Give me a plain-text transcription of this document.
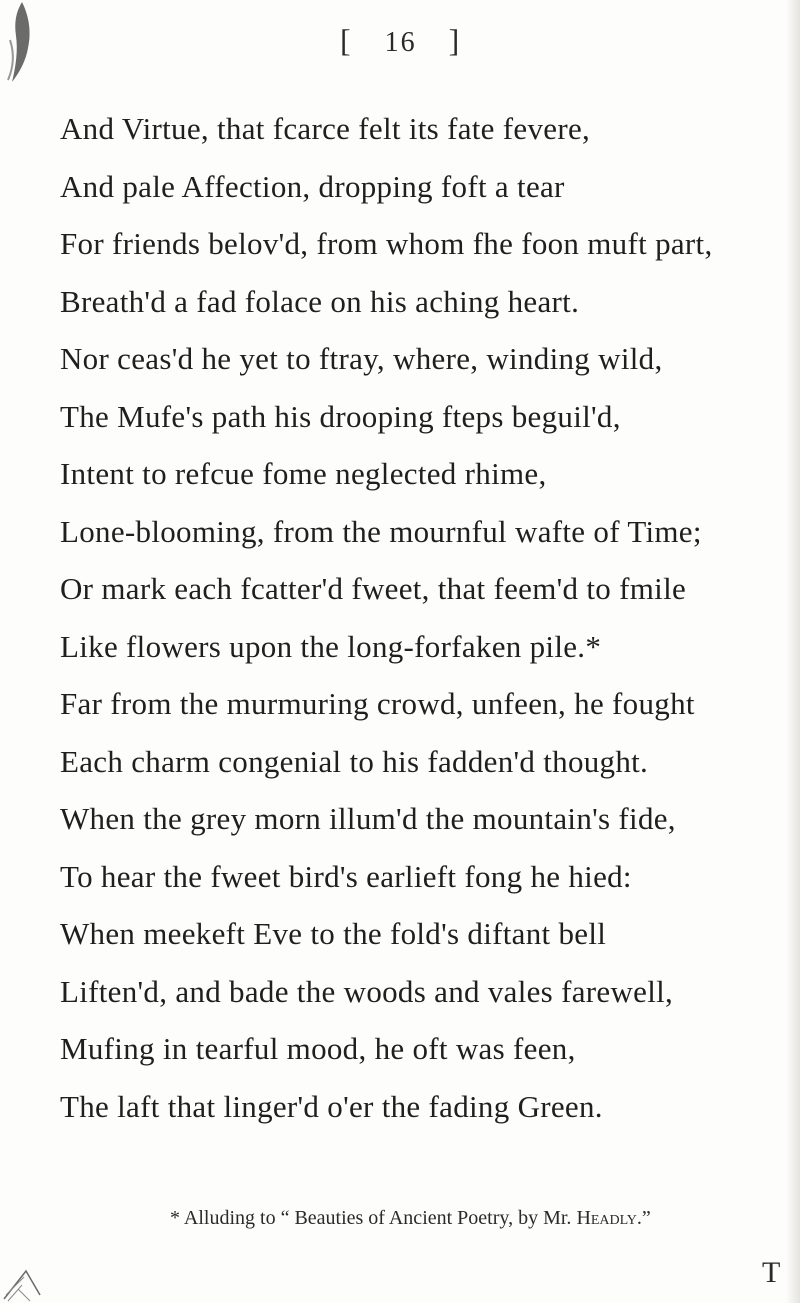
[ 16 ]
And Virtue, that fcarce felt its fate fevere,
And pale Affection, dropping foft a tear
For friends belov'd, from whom fhe foon muft part,
Breath'd a fad folace on his aching heart.
Nor ceas'd he yet to ftray, where, winding wild,
The Mufe's path his drooping fteps beguil'd,
Intent to refcue fome neglected rhime,
Lone-blooming, from the mournful wafte of Time;
Or mark each fcatter'd fweet, that feem'd to fmile
Like flowers upon the long-forfaken pile.*
Far from the murmuring crowd, unfeen, he fought
Each charm congenial to his fadden'd thought.
When the grey morn illum'd the mountain's fide,
To hear the fweet bird's earlieft fong he hied:
When meekeft Eve to the fold's diftant bell
Liften'd, and bade the woods and vales farewell,
Mufing in tearful mood, he oft was feen,
The laft that linger'd o'er the fading Green.
* Alluding to “ Beauties of Ancient Poetry, by Mr. Headly.”
T
